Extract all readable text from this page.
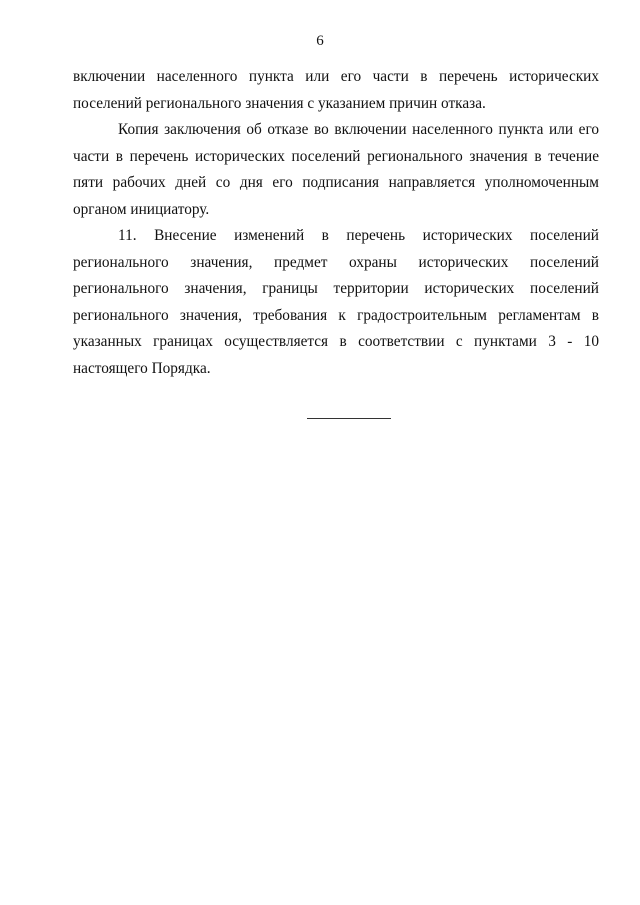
6
включении населенного пункта или его части в перечень исторических
поселений регионального значения с указанием причин отказа.
Копия заключения об отказе во включении населенного пункта или его
части в перечень исторических поселений регионального значения в течение
пяти рабочих дней со дня его подписания направляется уполномоченным
органом инициатору.
11. Внесение изменений в перечень исторических поселений
регионального значения, предмет охраны исторических поселений
регионального значения, границы территории исторических поселений
регионального значения, требования к градостроительным регламентам в
указанных границах осуществляется в соответствии с пунктами 3 - 10
настоящего Порядка.
